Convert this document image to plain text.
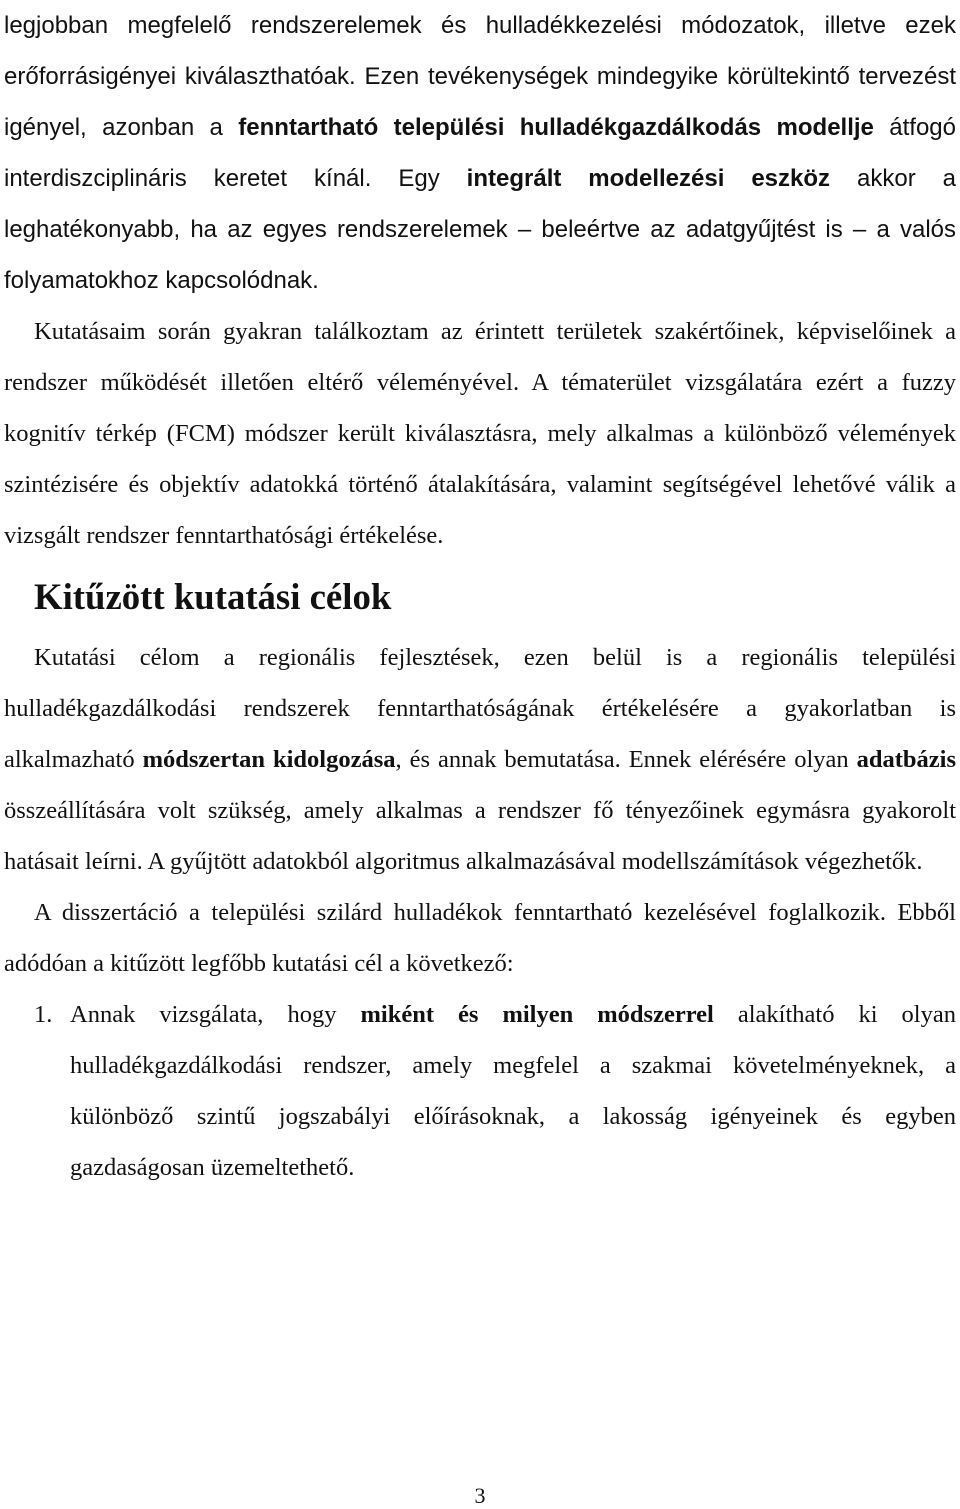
legjobban megfelelő rendszerelemek és hulladékkezelési módozatok, illetve ezek erőforrásigényei kiválaszthatóak. Ezen tevékenységek mindegyike körültekintő tervezést igényel, azonban a fenntartható települési hulladékgazdálkodás modellje átfogó interdiszciplináris keretet kínál. Egy integrált modellezési eszköz akkor a leghatékonyabb, ha az egyes rendszerelemek – beleértve az adatgyűjtést is – a valós folyamatokhoz kapcsolódnak.

Kutatásaim során gyakran találkoztam az érintett területek szakértőinek, képviselőinek a rendszer működését illetően eltérő véleményével. A tématerület vizsgálatára ezért a fuzzy kognitív térkép (FCM) módszer került kiválasztásra, mely alkalmas a különböző vélemények szintézisére és objektív adatokká történő átalakítására, valamint segítségével lehetővé válik a vizsgált rendszer fenntarthatósági értékelése.

Kitűzött kutatási célok

Kutatási célom a regionális fejlesztések, ezen belül is a regionális települési hulladékgazdálkodási rendszerek fenntarthatóságának értékelésére a gyakorlatban is alkalmazható módszertan kidolgozása, és annak bemutatása. Ennek elérésére olyan adatbázis összeállítására volt szükség, amely alkalmas a rendszer fő tényezőinek egymásra gyakorolt hatásait leírni. A gyűjtött adatokból algoritmus alkalmazásával modellszámítások végezhetők.

A disszertáció a települési szilárd hulladékok fenntartható kezelésével foglalkozik. Ebből adódóan a kitűzött legfőbb kutatási cél a következő:

1. Annak vizsgálata, hogy miként és milyen módszerrel alakítható ki olyan hulladékgazdálkodási rendszer, amely megfelel a szakmai követelményeknek, a különböző szintű jogszabályi előírásoknak, a lakosság igényeinek és egyben gazdaságosan üzemeltethető.
3
